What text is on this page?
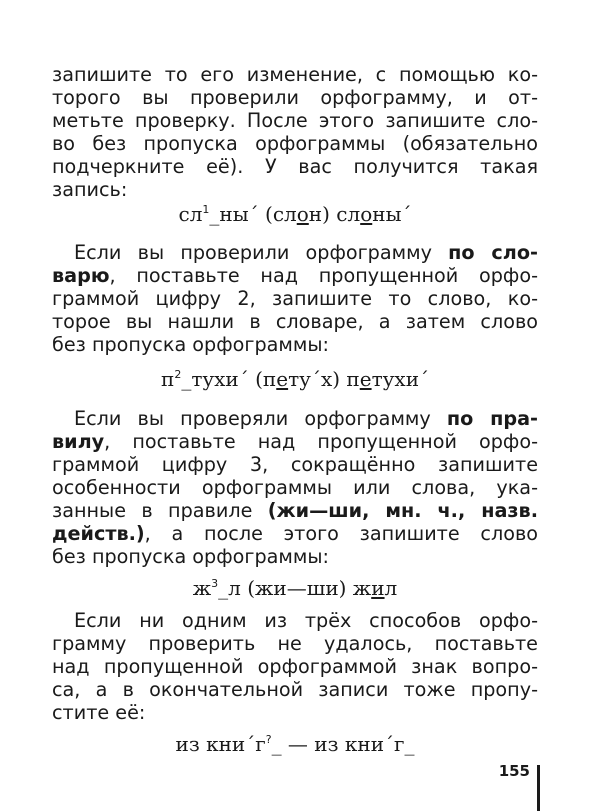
запишите то его изменение, с помощью ко-
торого вы проверили орфограмму, и от-
метьте проверку. После этого запишите сло-
во без пропуска орфограммы (обязательно
подчеркните её). У вас получится такая
запись:
$сл^1\_ны´$ (слон) слоны´
Если вы проверили орфограмму по сло-
варю, поставьте над пропущенной орфо-
граммой цифру 2, запишите то слово, ко-
торое вы нашли в словаре, а затем слово
без пропуска орфограммы:
$п^2\_тухи´$ (пету´х) петухи´
Если вы проверяли орфограмму по пра-
вилу, поставьте над пропущенной орфо-
граммой цифру 3, сокращённо запишите
особенности орфограммы или слова, ука-
занные в правиле (жи—ши, мн. ч., назв.
действ.), а после этого запишите слово
без пропуска орфограммы:
$ж^3\_л$ (жи—ши) жил
Если ни одним из трёх способов орфо-
грамму проверить не удалось, поставьте
над пропущенной орфограммой знак вопро-
са, а в окончательной записи тоже пропу-
стите её:
из кни´г?_ — из кни´г_
155
